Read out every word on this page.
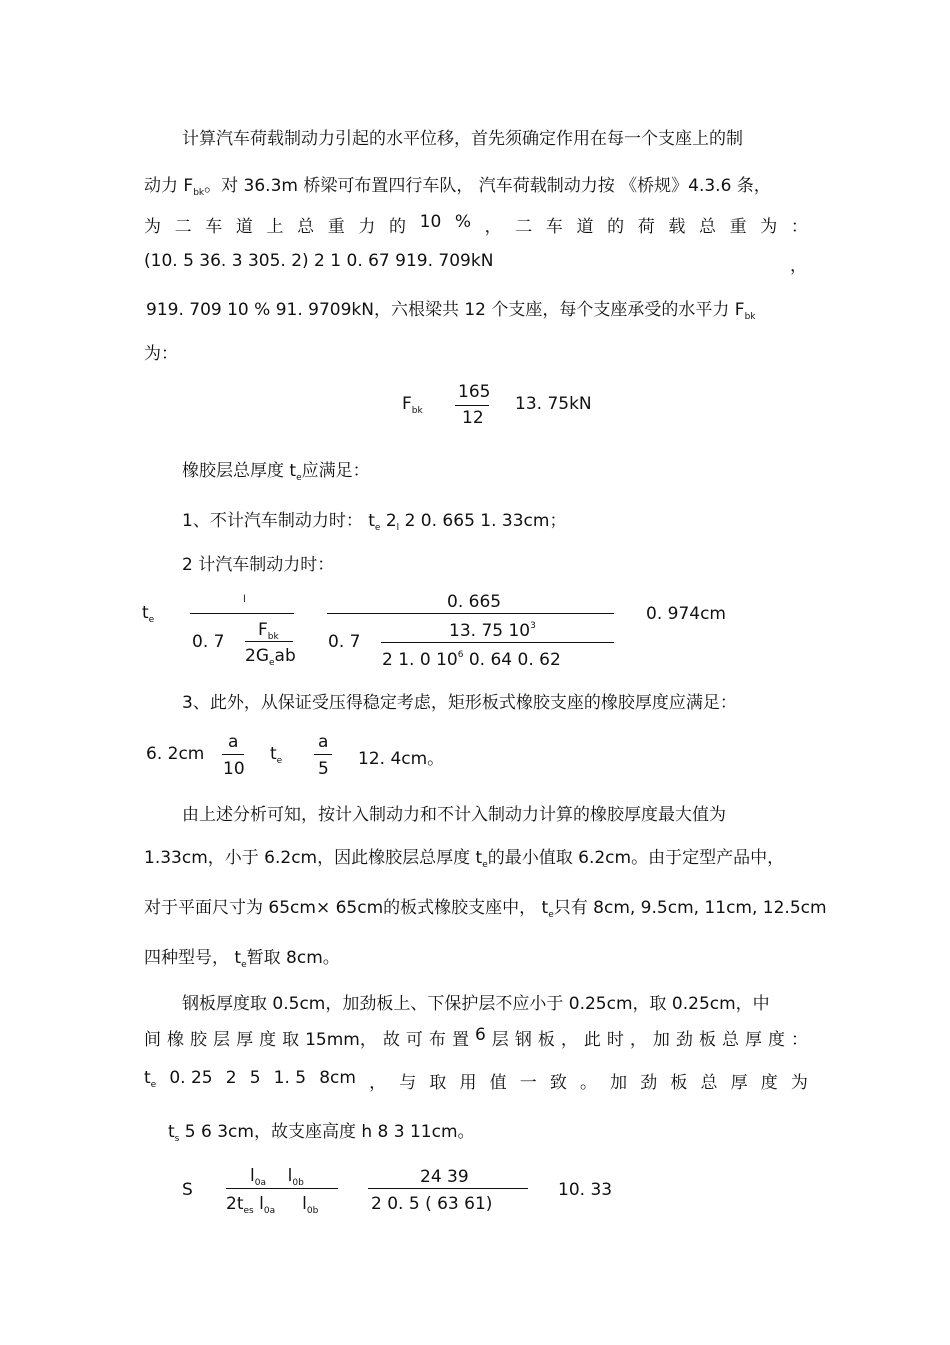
计算汽车荷载制动力引起的水平位移，首先须确定作用在每一个支座上的制
动力 $F_{bk}$。对 36.3m 桥梁可布置四行车队， 汽车荷载制动力按 《桥规》4.3.6 条，
为 二 车 道 上 总 重 力 的 10 % ， 二 车 道 的 荷 载 总 重 为 ：
(10. 5 36. 3 305. 2) 2 1 0. 67 919. 709kN	，
919. 709 10 % 91. 9709kN，六根梁共 12 个支座，每个支座承受的水平力 $F_{bk}$
为：
$F_{bk}$
165
12
13. 75kN
橡胶层总厚度 $t_e$应满足：
1、不计汽车制动力时： $t_e$ $2_l$ 2 0. 665 1. 33cm；
2 计汽车制动力时：
$t_e$
l
0. 7
$F_{bk}$
$2G_eab$
0. 665
0. 7
13. 75 $10^3$
2 1. 0 $10^6$ 0. 64 0. 62
0. 974cm
3、此外，从保证受压得稳定考虑，矩形板式橡胶支座的橡胶厚度应满足：
6. 2cm
a
10
$t_e$
a
5 12. 4cm。
由上述分析可知，按计入制动力和不计入制动力计算的橡胶厚度最大值为
1.33cm，小于 6.2cm，因此橡胶层总厚度 $t_e$的最小值取 6.2cm。由于定型产品中，
对于平面尺寸为 65cm× 65cm的板式橡胶支座中， $t_e$只有 8cm, 9.5cm, 11cm, 12.5cm
四种型号， $t_e$暂取 8cm。
钢板厚度取 0.5cm，加劲板上、下保护层不应小于 0.25cm，取 0.25cm，中
间 橡 胶 层 厚 度 取 15mm， 故 可 布 置 6 层 钢 板 ， 此 时 ， 加 劲 板 总 厚 度 ：
$t_e$ 0. 25 2 5 1. 5 8cm ， 与 取 用 值 一 致 。 加 劲 板 总 厚 度 为
$t_s$ 5 6 3cm，故支座高度 h 8 3 11cm。
S
$l_{0a}$ $l_{0b}$
$2t_{es}$ $l_{0a}$ $l_{0b}$
24 39
2 0. 5 ( 63 61)
10. 33
